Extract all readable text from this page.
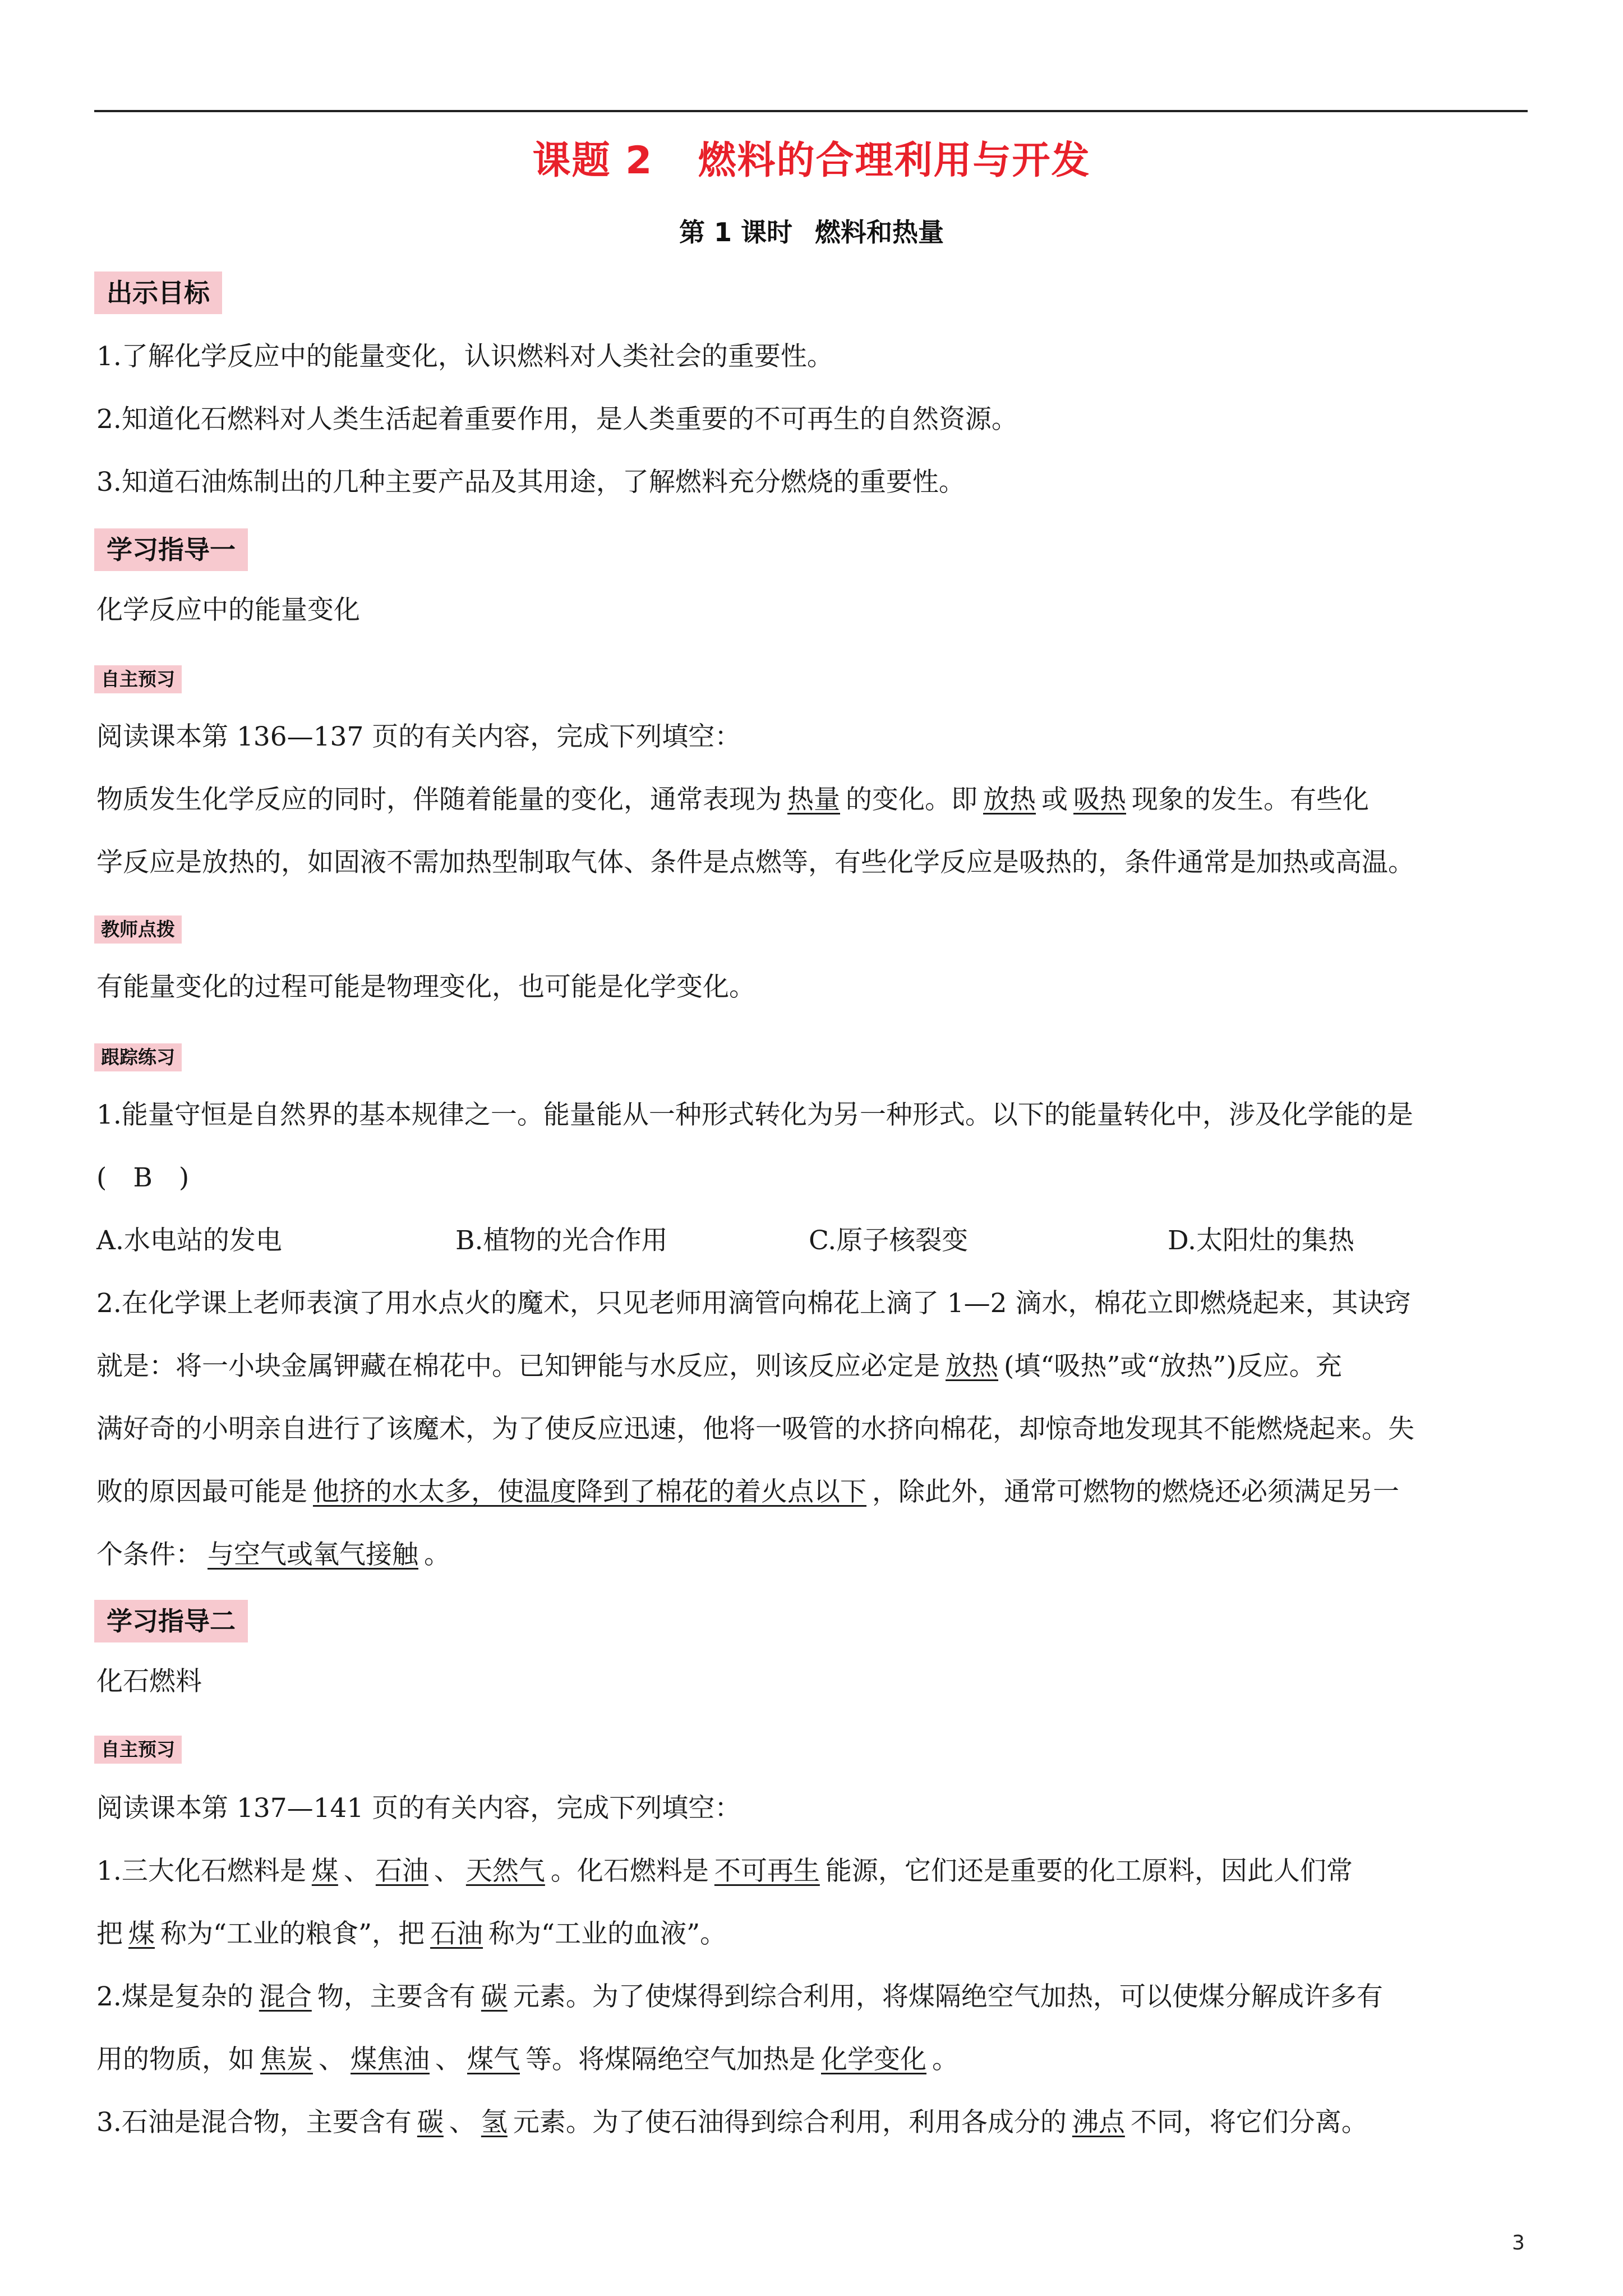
课题 2 燃料的合理利用与开发
第 1 课时 燃料和热量
出示目标
1.了解化学反应中的能量变化，认识燃料对人类社会的重要性。
2.知道化石燃料对人类生活起着重要作用，是人类重要的不可再生的自然资源。
3.知道石油炼制出的几种主要产品及其用途，了解燃料充分燃烧的重要性。
学习指导一
化学反应中的能量变化
自主预习
阅读课本第 136—137 页的有关内容，完成下列填空：
物质发生化学反应的同时，伴随着能量的变化，通常表现为 热量 的变化。即 放热 或 吸热 现象的发生。有些化
学反应是放热的，如固液不需加热型制取气体、条件是点燃等，有些化学反应是吸热的，条件通常是加热或高温。
教师点拨
有能量变化的过程可能是物理变化，也可能是化学变化。
跟踪练习
1.能量守恒是自然界的基本规律之一。能量能从一种形式转化为另一种形式。以下的能量转化中，涉及化学能的是
(　B　)
A.水电站的发电	B.植物的光合作用	C.原子核裂变	D.太阳灶的集热
2.在化学课上老师表演了用水点火的魔术，只见老师用滴管向棉花上滴了 1—2 滴水，棉花立即燃烧起来，其诀窍
就是：将一小块金属钾藏在棉花中。已知钾能与水反应，则该反应必定是 放热 (填“吸热”或“放热”)反应。充
满好奇的小明亲自进行了该魔术，为了使反应迅速，他将一吸管的水挤向棉花，却惊奇地发现其不能燃烧起来。失
败的原因最可能是 他挤的水太多，使温度降到了棉花的着火点以下 ，除此外，通常可燃物的燃烧还必须满足另一
个条件： 与空气或氧气接触 。
学习指导二
化石燃料
自主预习
阅读课本第 137—141 页的有关内容，完成下列填空：
1.三大化石燃料是 煤 、 石油 、 天然气 。化石燃料是 不可再生 能源，它们还是重要的化工原料，因此人们常
把 煤 称为“工业的粮食”，把 石油 称为“工业的血液”。
2.煤是复杂的 混合 物，主要含有 碳 元素。为了使煤得到综合利用，将煤隔绝空气加热，可以使煤分解成许多有
用的物质，如 焦炭 、 煤焦油 、 煤气 等。将煤隔绝空气加热是 化学变化 。
3.石油是混合物，主要含有 碳 、 氢 元素。为了使石油得到综合利用，利用各成分的 沸点 不同，将它们分离。
3
